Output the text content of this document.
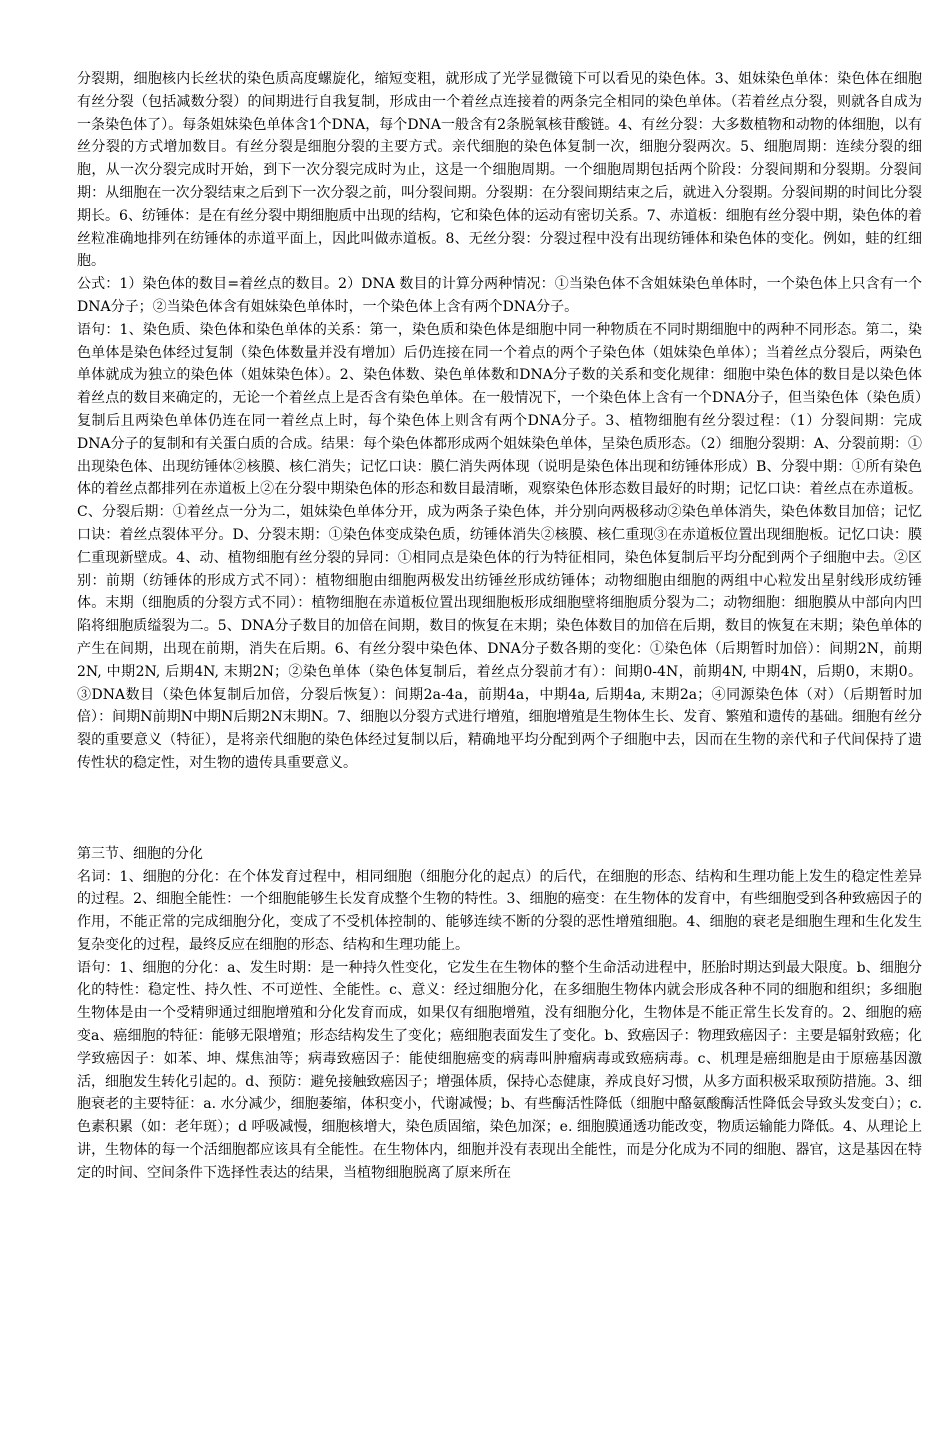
分裂期，细胞核内长丝状的染色质高度螺旋化，缩短变粗，就形成了光学显微镜下可以看见的染色体。3、姐妹染色单体：染色体在细胞有丝分裂（包括减数分裂）的间期进行自我复制，形成由一个着丝点连接着的两条完全相同的染色单体。（若着丝点分裂，则就各自成为一条染色体了）。每条姐妹染色单体含1个DNA，每个DNA一般含有2条脱氧核苷酸链。4、有丝分裂：大多数植物和动物的体细胞，以有丝分裂的方式增加数目。有丝分裂是细胞分裂的主要方式。亲代细胞的染色体复制一次，细胞分裂两次。5、细胞周期：连续分裂的细胞，从一次分裂完成时开始，到下一次分裂完成时为止，这是一个细胞周期。一个细胞周期包括两个阶段：分裂间期和分裂期。分裂间期：从细胞在一次分裂结束之后到下一次分裂之前，叫分裂间期。分裂期：在分裂间期结束之后，就进入分裂期。分裂间期的时间比分裂期长。6、纺锤体：是在有丝分裂中期细胞质中出现的结构，它和染色体的运动有密切关系。7、赤道板：细胞有丝分裂中期，染色体的着丝粒准确地排列在纺锤体的赤道平面上，因此叫做赤道板。8、无丝分裂：分裂过程中没有出现纺锤体和染色体的变化。例如，蛙的红细胞。

公式：1）染色体的数目=着丝点的数目。2）DNA 数目的计算分两种情况：①当染色体不含姐妹染色单体时，一个染色体上只含有一个DNA分子；②当染色体含有姐妹染色单体时，一个染色体上含有两个DNA分子。

语句：1、染色质、染色体和染色单体的关系：第一，染色质和染色体是细胞中同一种物质在不同时期细胞中的两种不同形态。第二，染色单体是染色体经过复制（染色体数量并没有增加）后仍连接在同一个着点的两个子染色体（姐妹染色单体）；当着丝点分裂后，两染色单体就成为独立的染色体（姐妹染色体）。2、染色体数、染色单体数和DNA分子数的关系和变化规律：细胞中染色体的数目是以染色体着丝点的数目来确定的，无论一个着丝点上是否含有染色单体。在一般情况下，一个染色体上含有一个DNA分子，但当染色体（染色质）复制后且两染色单体仍连在同一着丝点上时，每个染色体上则含有两个DNA分子。3、植物细胞有丝分裂过程：（1）分裂间期：完成DNA分子的复制和有关蛋白质的合成。结果：每个染色体都形成两个姐妹染色单体，呈染色质形态。（2）细胞分裂期：A、分裂前期：①出现染色体、出现纺锤体②核膜、核仁消失；记忆口诀：膜仁消失两体现（说明是染色体出现和纺锤体形成）B、分裂中期：①所有染色体的着丝点都排列在赤道板上②在分裂中期染色体的形态和数目最清晰，观察染色体形态数目最好的时期；记忆口诀：着丝点在赤道板。C、分裂后期：①着丝点一分为二，姐妹染色单体分开，成为两条子染色体，并分别向两极移动②染色单体消失，染色体数目加倍；记忆口诀：着丝点裂体平分。D、分裂末期：①染色体变成染色质，纺锤体消失②核膜、核仁重现③在赤道板位置出现细胞板。记忆口诀：膜仁重现新壁成。4、动、植物细胞有丝分裂的异同：①相同点是染色体的行为特征相同，染色体复制后平均分配到两个子细胞中去。②区别：前期（纺锤体的形成方式不同）：植物细胞由细胞两极发出纺锤丝形成纺锤体；动物细胞由细胞的两组中心粒发出星射线形成纺锤体。末期（细胞质的分裂方式不同）：植物细胞在赤道板位置出现细胞板形成细胞壁将细胞质分裂为二；动物细胞：细胞膜从中部向内凹陷将细胞质缢裂为二。5、DNA分子数目的加倍在间期，数目的恢复在末期；染色体数目的加倍在后期，数目的恢复在末期；染色单体的产生在间期，出现在前期，消失在后期。6、有丝分裂中染色体、DNA分子数各期的变化：①染色体（后期暂时加倍）：间期2N，前期2N, 中期2N, 后期4N, 末期2N；②染色单体（染色体复制后，着丝点分裂前才有）：间期0-4N，前期4N, 中期4N，后期0，末期0。③DNA数目（染色体复制后加倍，分裂后恢复）：间期2a-4a，前期4a，中期4a, 后期4a, 末期2a；④同源染色体（对）（后期暂时加倍）：间期N前期N中期N后期2N末期N。7、细胞以分裂方式进行增殖，细胞增殖是生物体生长、发育、繁殖和遗传的基础。细胞有丝分裂的重要意义（特征），是将亲代细胞的染色体经过复制以后，精确地平均分配到两个子细胞中去，因而在生物的亲代和子代间保持了遗传性状的稳定性，对生物的遗传具重要意义。

第三节、细胞的分化

名词：1、细胞的分化：在个体发育过程中，相同细胞（细胞分化的起点）的后代，在细胞的形态、结构和生理功能上发生的稳定性差异的过程。2、细胞全能性：一个细胞能够生长发育成整个生物的特性。3、细胞的癌变：在生物体的发育中，有些细胞受到各种致癌因子的作用，不能正常的完成细胞分化，变成了不受机体控制的、能够连续不断的分裂的恶性增殖细胞。4、细胞的衰老是细胞生理和生化发生复杂变化的过程，最终反应在细胞的形态、结构和生理功能上。

语句：1、细胞的分化：a、发生时期：是一种持久性变化，它发生在生物体的整个生命活动进程中，胚胎时期达到最大限度。b、细胞分化的特性：稳定性、持久性、不可逆性、全能性。c、意义：经过细胞分化，在多细胞生物体内就会形成各种不同的细胞和组织；多细胞生物体是由一个受精卵通过细胞增殖和分化发育而成，如果仅有细胞增殖，没有细胞分化，生物体是不能正常生长发育的。2、细胞的癌变a、癌细胞的特征：能够无限增殖；形态结构发生了变化；癌细胞表面发生了变化。b、致癌因子：物理致癌因子：主要是辐射致癌；化学致癌因子：如苯、坤、煤焦油等；病毒致癌因子：能使细胞癌变的病毒叫肿瘤病毒或致癌病毒。c、机理是癌细胞是由于原癌基因激活，细胞发生转化引起的。d、预防：避免接触致癌因子；增强体质，保持心态健康，养成良好习惯，从多方面积极采取预防措施。3、细胞衰老的主要特征：a. 水分减少，细胞萎缩，体积变小，代谢减慢；b、有些酶活性降低（细胞中酪氨酸酶活性降低会导致头发变白）；c. 色素积累（如：老年斑）；d 呼吸减慢，细胞核增大，染色质固缩，染色加深；e. 细胞膜通透功能改变，物质运输能力降低。4、从理论上讲，生物体的每一个活细胞都应该具有全能性。在生物体内，细胞并没有表现出全能性，而是分化成为不同的细胞、器官，这是基因在特定的时间、空间条件下选择性表达的结果，当植物细胞脱离了原来所在
